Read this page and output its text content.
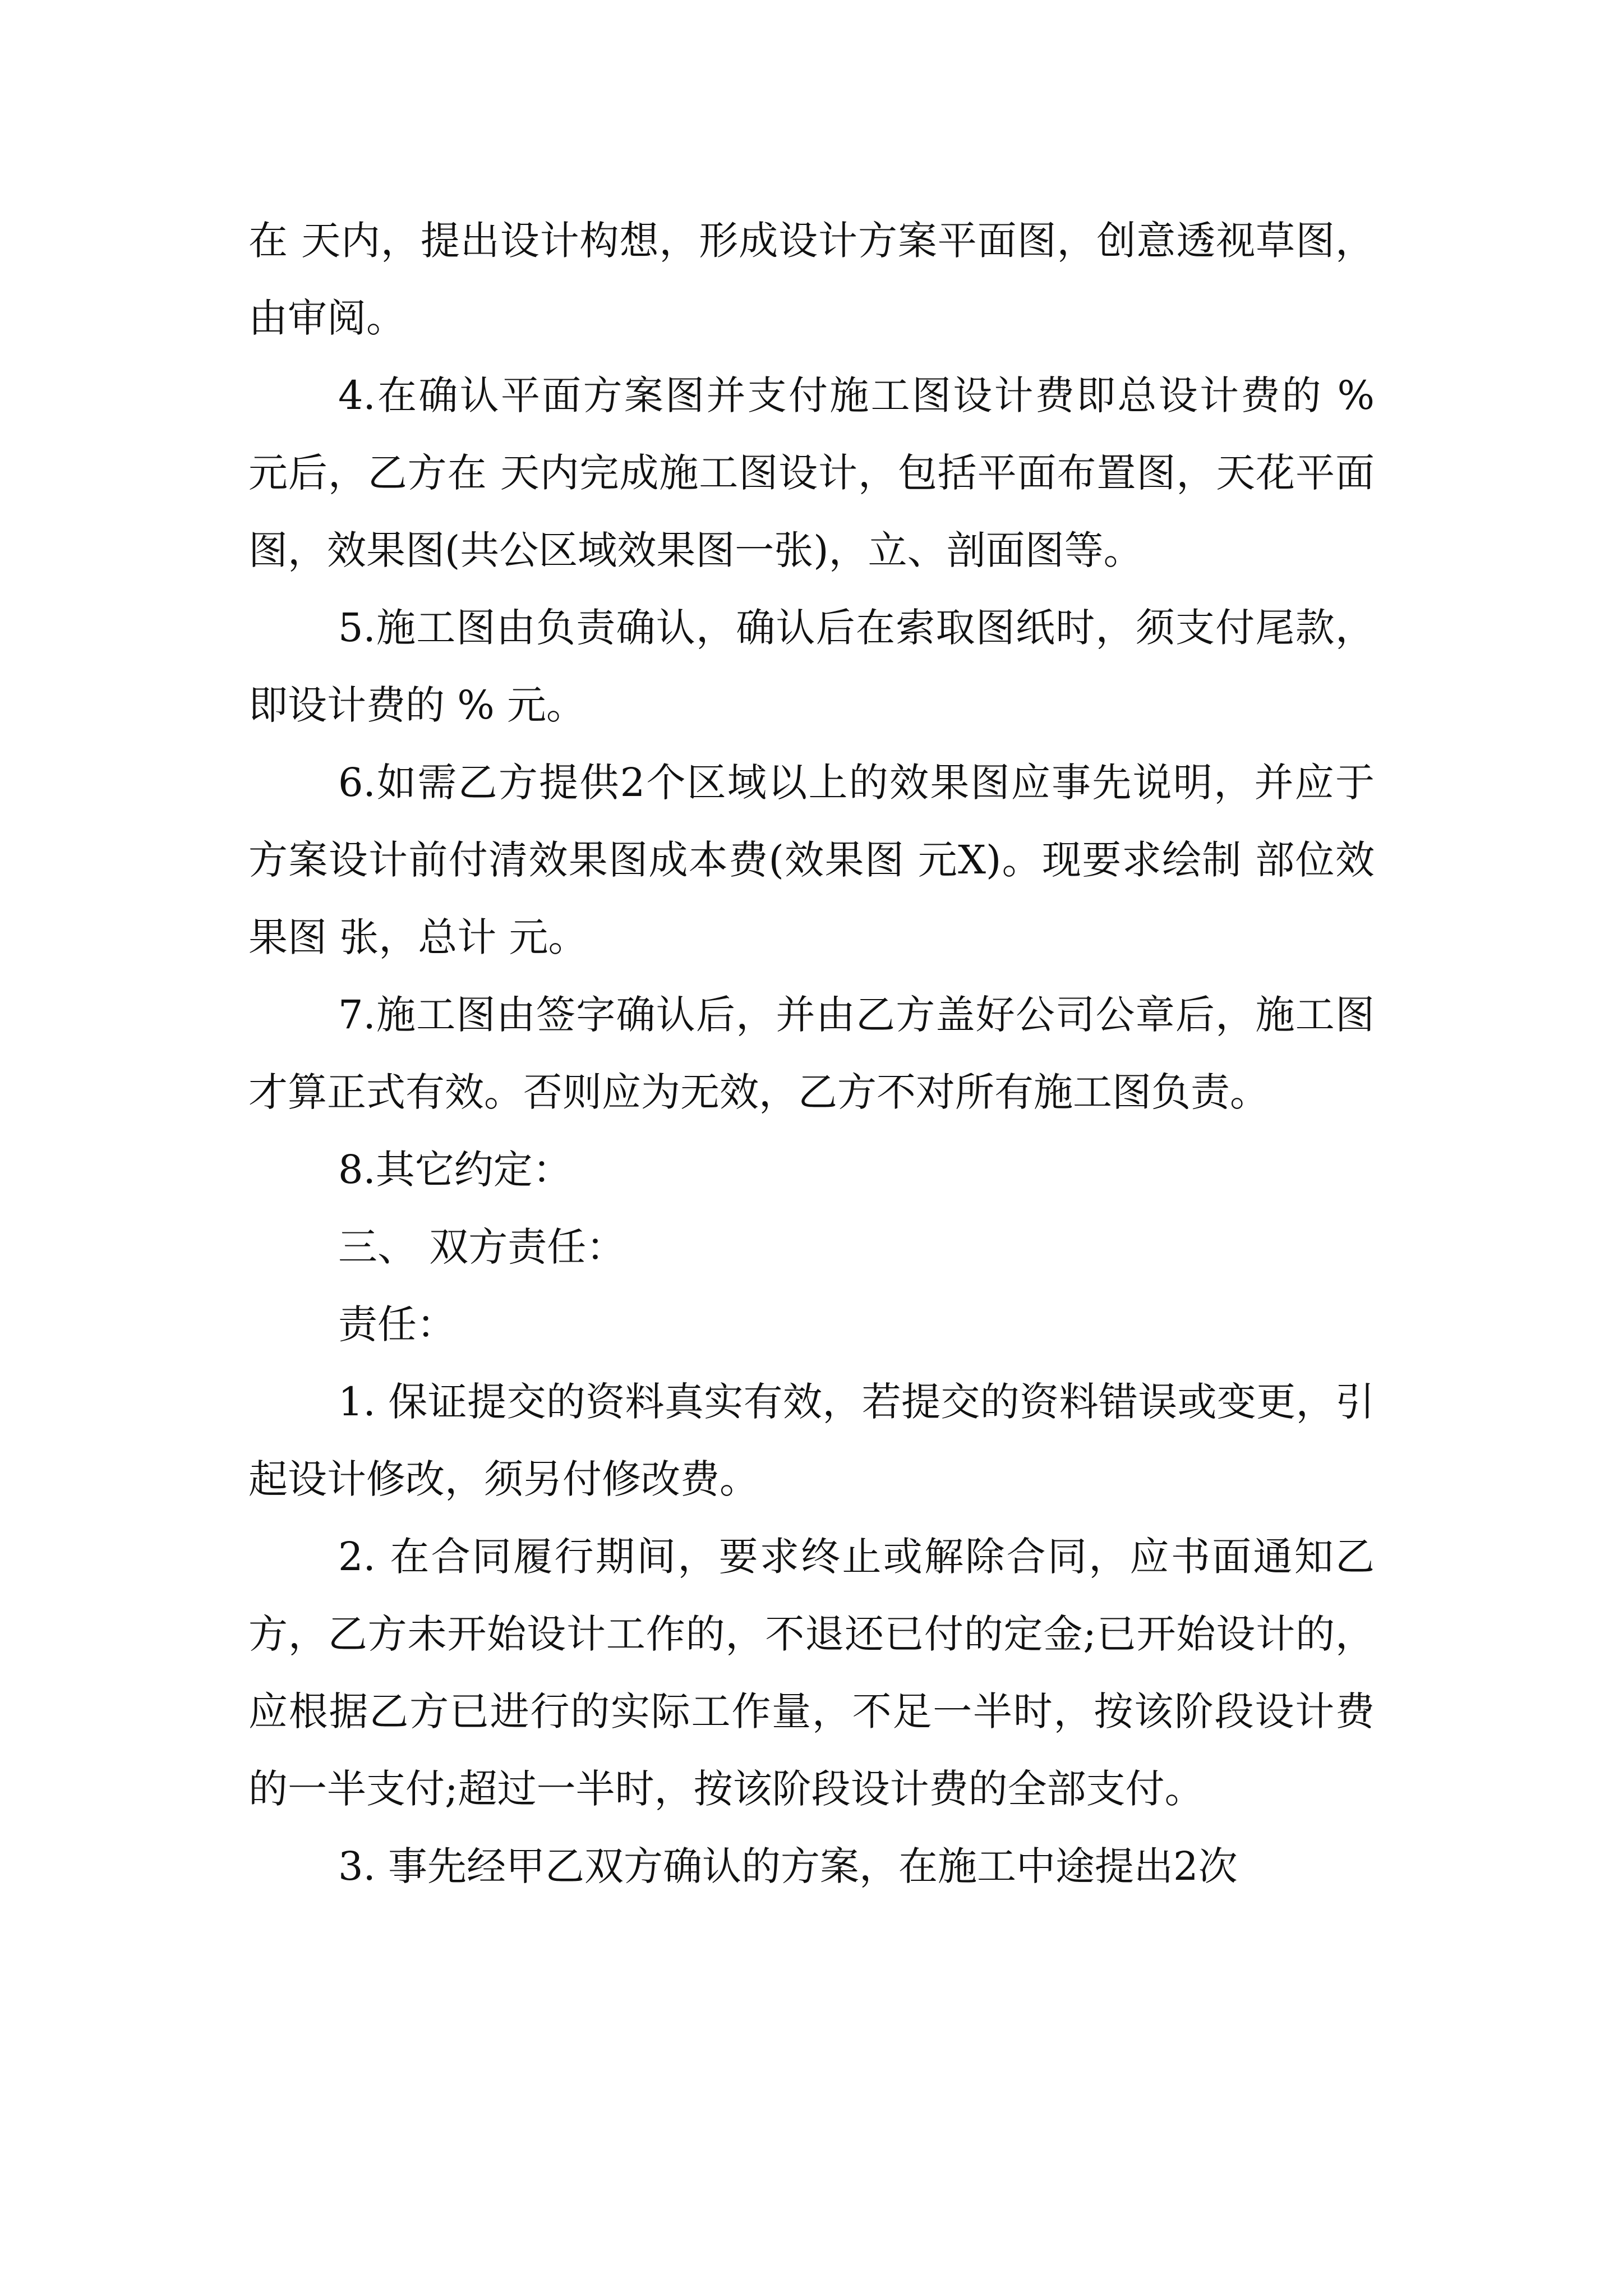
在 天内，提出设计构想，形成设计方案平面图，创意透视草图，由审阅。

4.在确认平面方案图并支付施工图设计费即总设计费的 % 元后，乙方在 天内完成施工图设计，包括平面布置图，天花平面图，效果图(共公区域效果图一张)，立、剖面图等。

5.施工图由负责确认，确认后在索取图纸时，须支付尾款，即设计费的 % 元。

6.如需乙方提供2个区域以上的效果图应事先说明，并应于方案设计前付清效果图成本费(效果图 元X)。现要求绘制 部位效果图 张，总计 元。

7.施工图由签字确认后，并由乙方盖好公司公章后，施工图才算正式有效。否则应为无效，乙方不对所有施工图负责。

8.其它约定：

三、 双方责任：

责任：

1. 保证提交的资料真实有效，若提交的资料错误或变更，引起设计修改，须另付修改费。

2. 在合同履行期间，要求终止或解除合同，应书面通知乙方，乙方未开始设计工作的，不退还已付的定金;已开始设计的，应根据乙方已进行的实际工作量，不足一半时，按该阶段设计费的一半支付;超过一半时，按该阶段设计费的全部支付。

3. 事先经甲乙双方确认的方案，在施工中途提出2次
